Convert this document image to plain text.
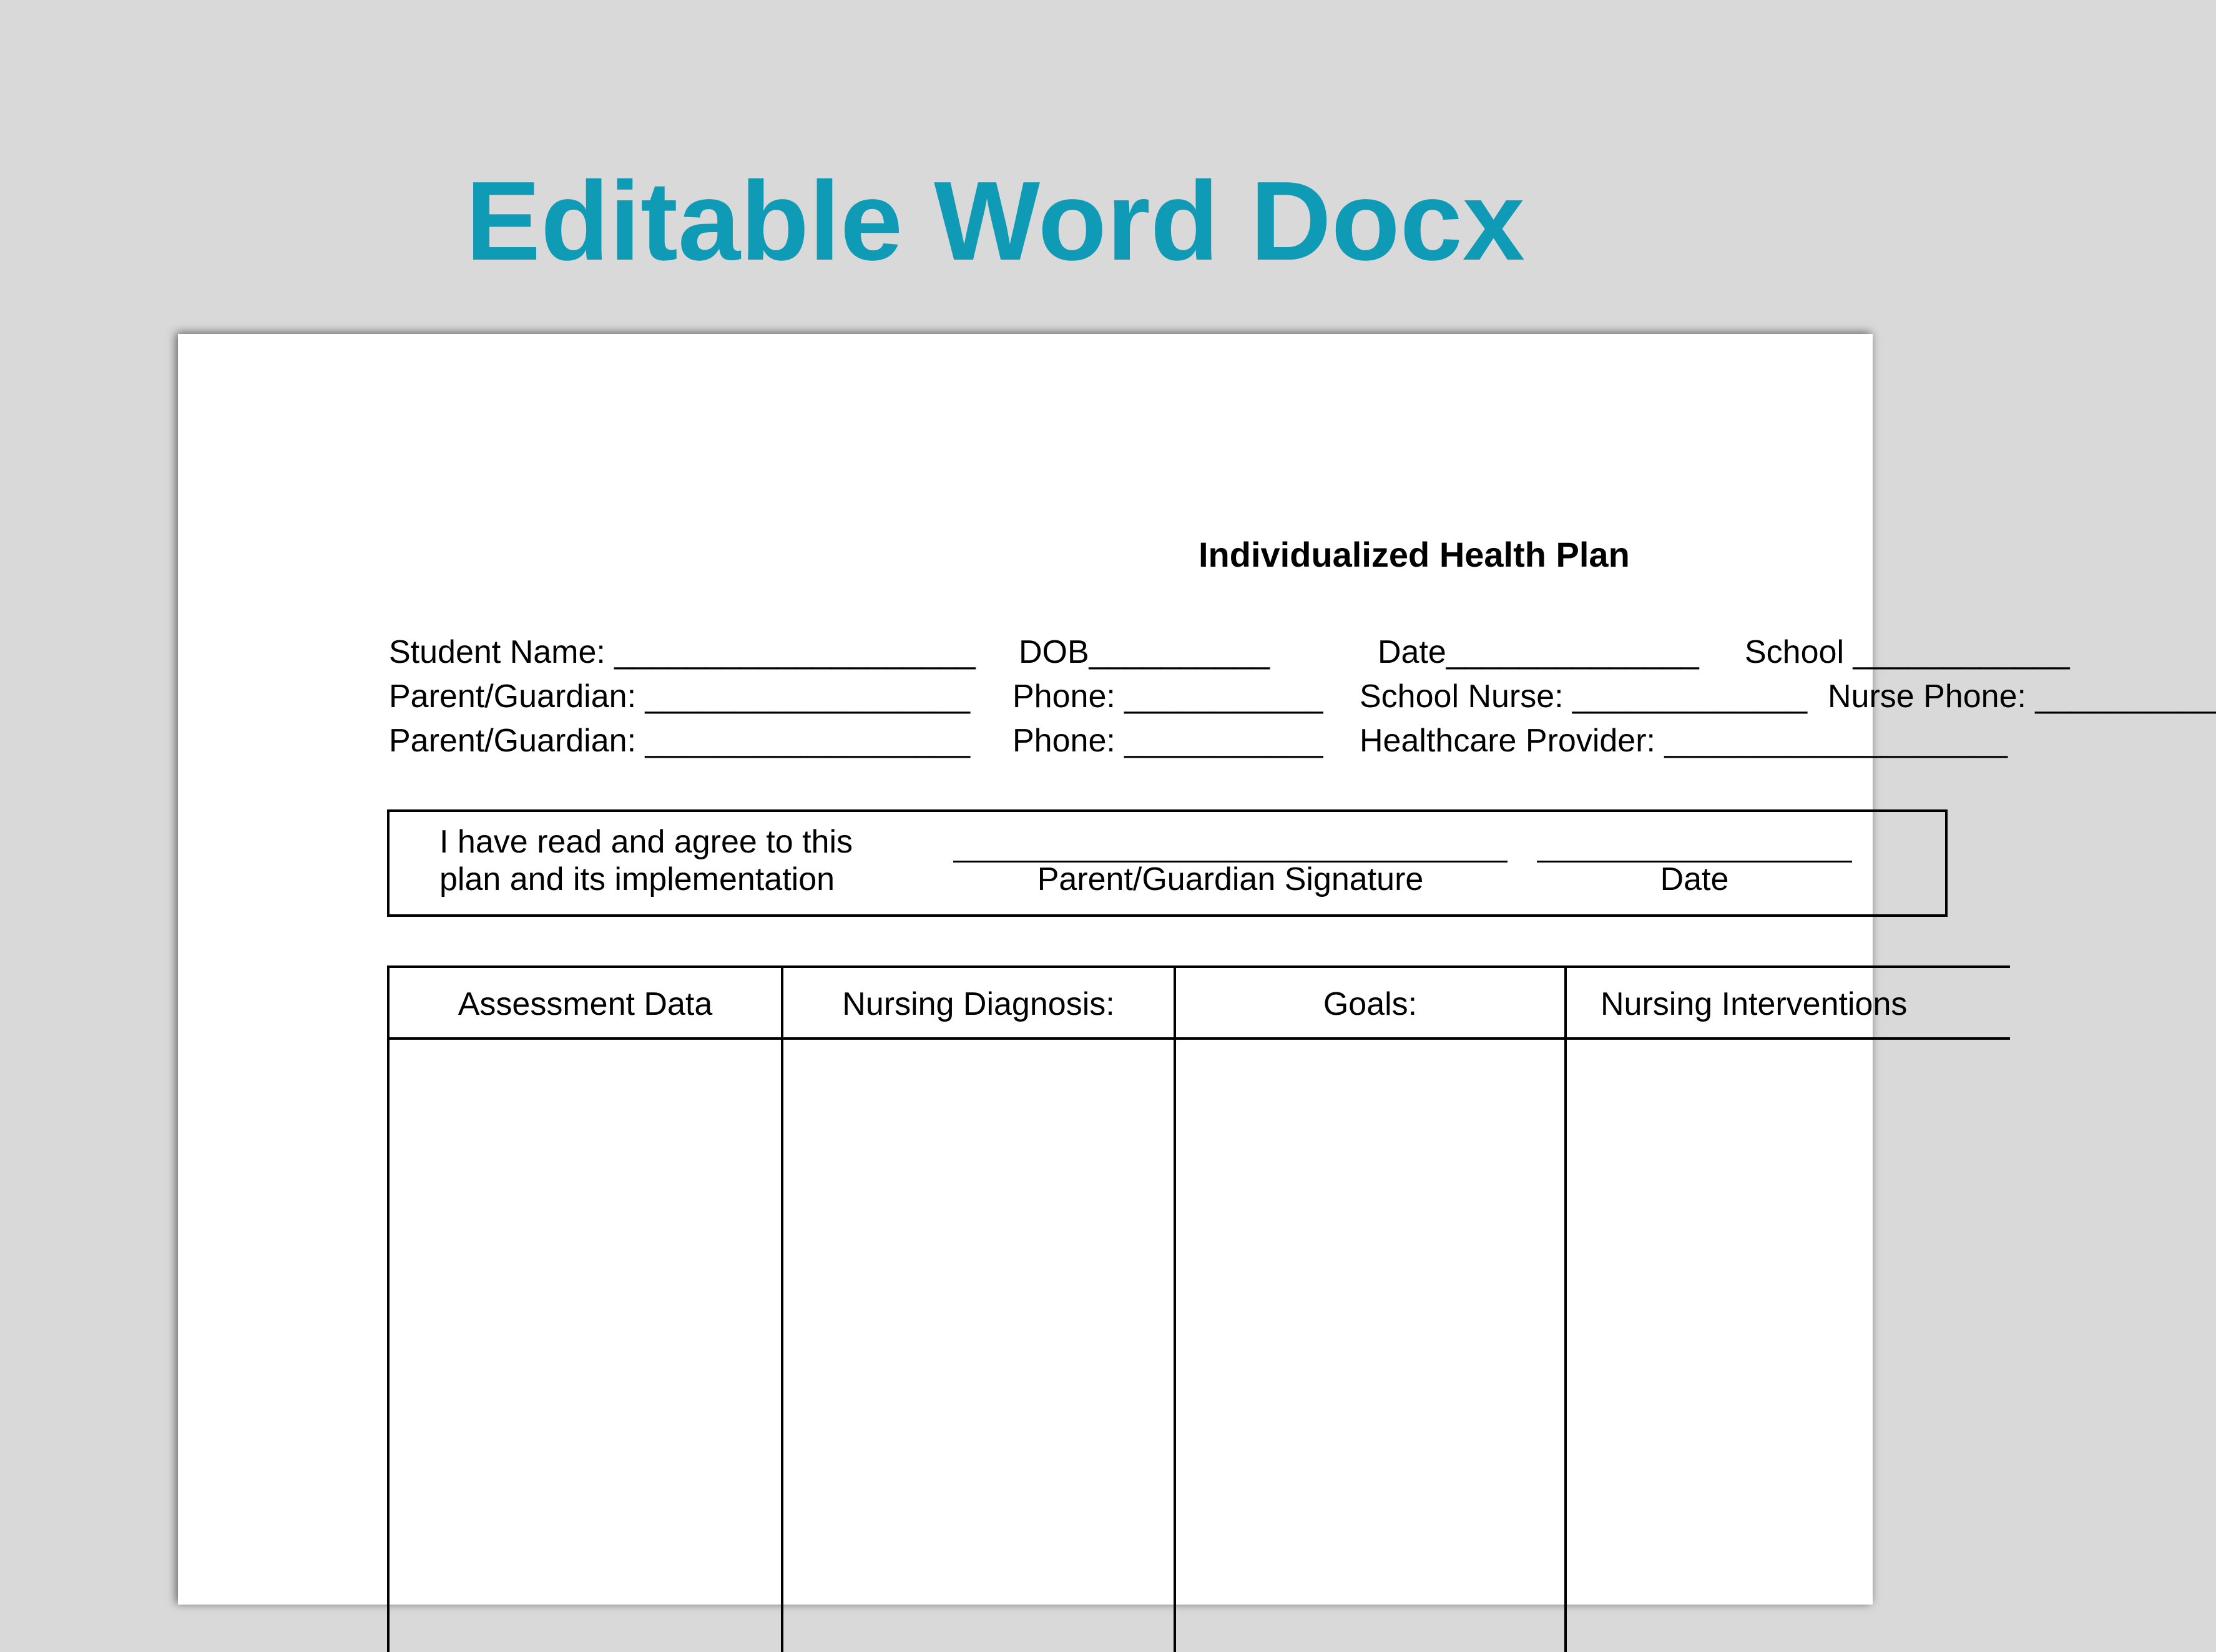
Editable Word Docx
Individualized Health Plan
Student Name: ____________________ DOB__________	Date______________ School ____________
Parent/Guardian: __________________ Phone: ___________ School Nurse: _____________ Nurse Phone: __________
Parent/Guardian: __________________ Phone: ___________ Healthcare Provider: ___________________
I have read and agree to this
plan and its implementation	Parent/Guardian Signature	Date
Assessment Data	Nursing Diagnosis:	Goals:	Nursing Interventions
